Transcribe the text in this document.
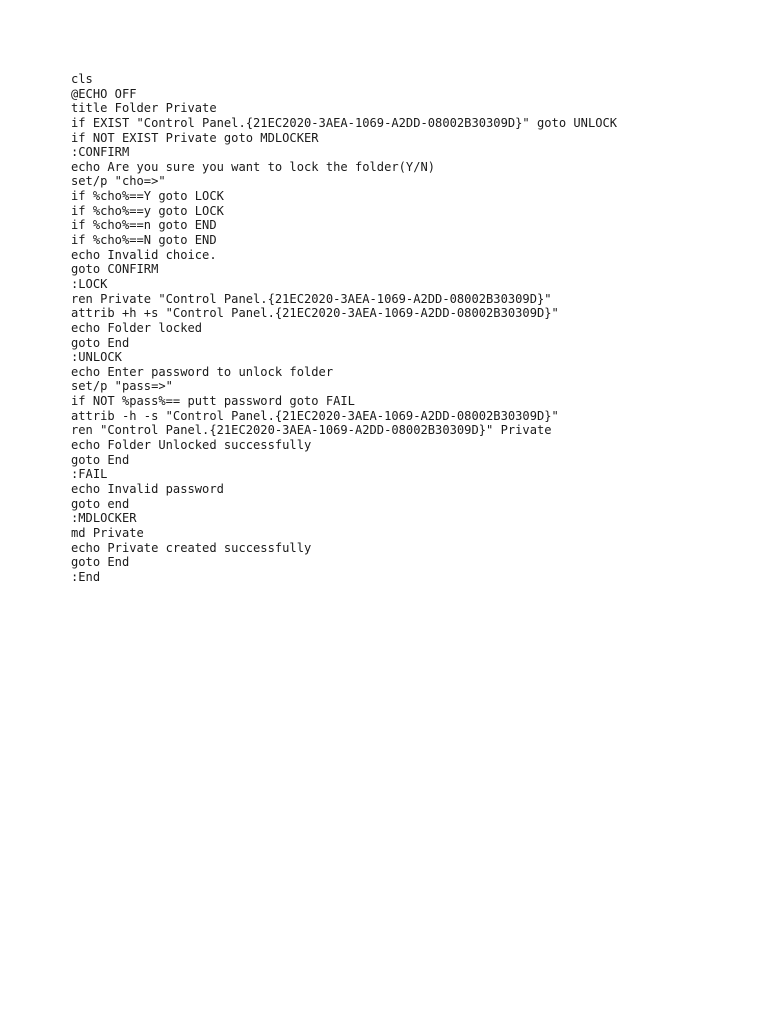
cls
@ECHO OFF
title Folder Private
if EXIST "Control Panel.{21EC2020-3AEA-1069-A2DD-08002B30309D}" goto UNLOCK
if NOT EXIST Private goto MDLOCKER
:CONFIRM
echo Are you sure you want to lock the folder(Y/N)
set/p "cho=>"
if %cho%==Y goto LOCK
if %cho%==y goto LOCK
if %cho%==n goto END
if %cho%==N goto END
echo Invalid choice.
goto CONFIRM
:LOCK
ren Private "Control Panel.{21EC2020-3AEA-1069-A2DD-08002B30309D}"
attrib +h +s "Control Panel.{21EC2020-3AEA-1069-A2DD-08002B30309D}"
echo Folder locked
goto End
:UNLOCK
echo Enter password to unlock folder
set/p "pass=>"
if NOT %pass%== putt password goto FAIL
attrib -h -s "Control Panel.{21EC2020-3AEA-1069-A2DD-08002B30309D}"
ren "Control Panel.{21EC2020-3AEA-1069-A2DD-08002B30309D}" Private
echo Folder Unlocked successfully
goto End
:FAIL
echo Invalid password
goto end
:MDLOCKER
md Private
echo Private created successfully
goto End
:End
